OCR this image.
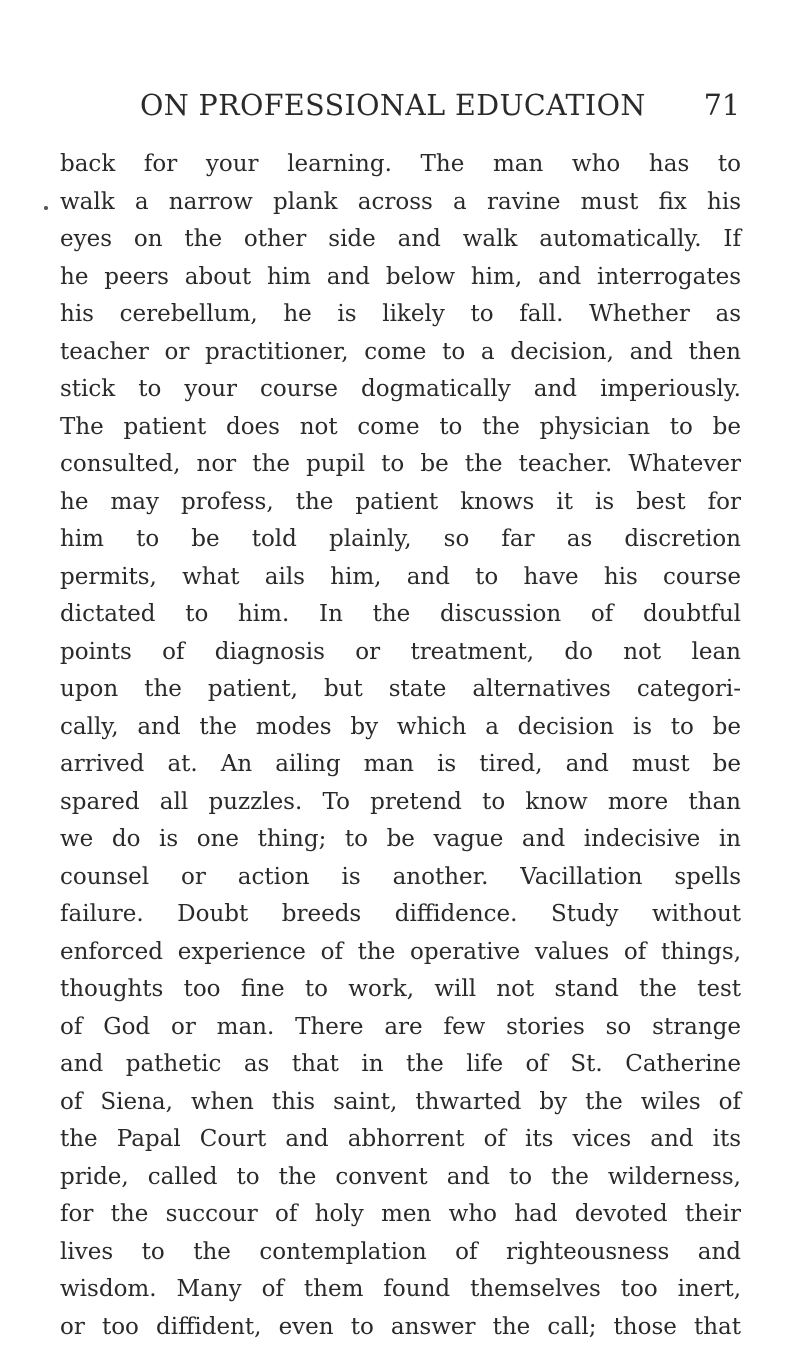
ON PROFESSIONAL EDUCATION 71
back for your learning. The man who has to
walk a narrow plank across a ravine must fix his
eyes on the other side and walk automatically. If
he peers about him and below him, and interrogates
his cerebellum, he is likely to fall. Whether as
teacher or practitioner, come to a decision, and then
stick to your course dogmatically and imperiously.
The patient does not come to the physician to be
consulted, nor the pupil to be the teacher. Whatever
he may profess, the patient knows it is best for
him to be told plainly, so far as discretion
permits, what ails him, and to have his course
dictated to him. In the discussion of doubtful
points of diagnosis or treatment, do not lean
upon the patient, but state alternatives categori-
cally, and the modes by which a decision is to be
arrived at. An ailing man is tired, and must be
spared all puzzles. To pretend to know more than
we do is one thing; to be vague and indecisive in
counsel or action is another. Vacillation spells
failure. Doubt breeds diffidence. Study without
enforced experience of the operative values of things,
thoughts too fine to work, will not stand the test
of God or man. There are few stories so strange
and pathetic as that in the life of St. Catherine
of Siena, when this saint, thwarted by the wiles of
the Papal Court and abhorrent of its vices and its
pride, called to the convent and to the wilderness,
for the succour of holy men who had devoted their
lives to the contemplation of righteousness and
wisdom. Many of them found themselves too inert,
or too diffident, even to answer the call; those that
